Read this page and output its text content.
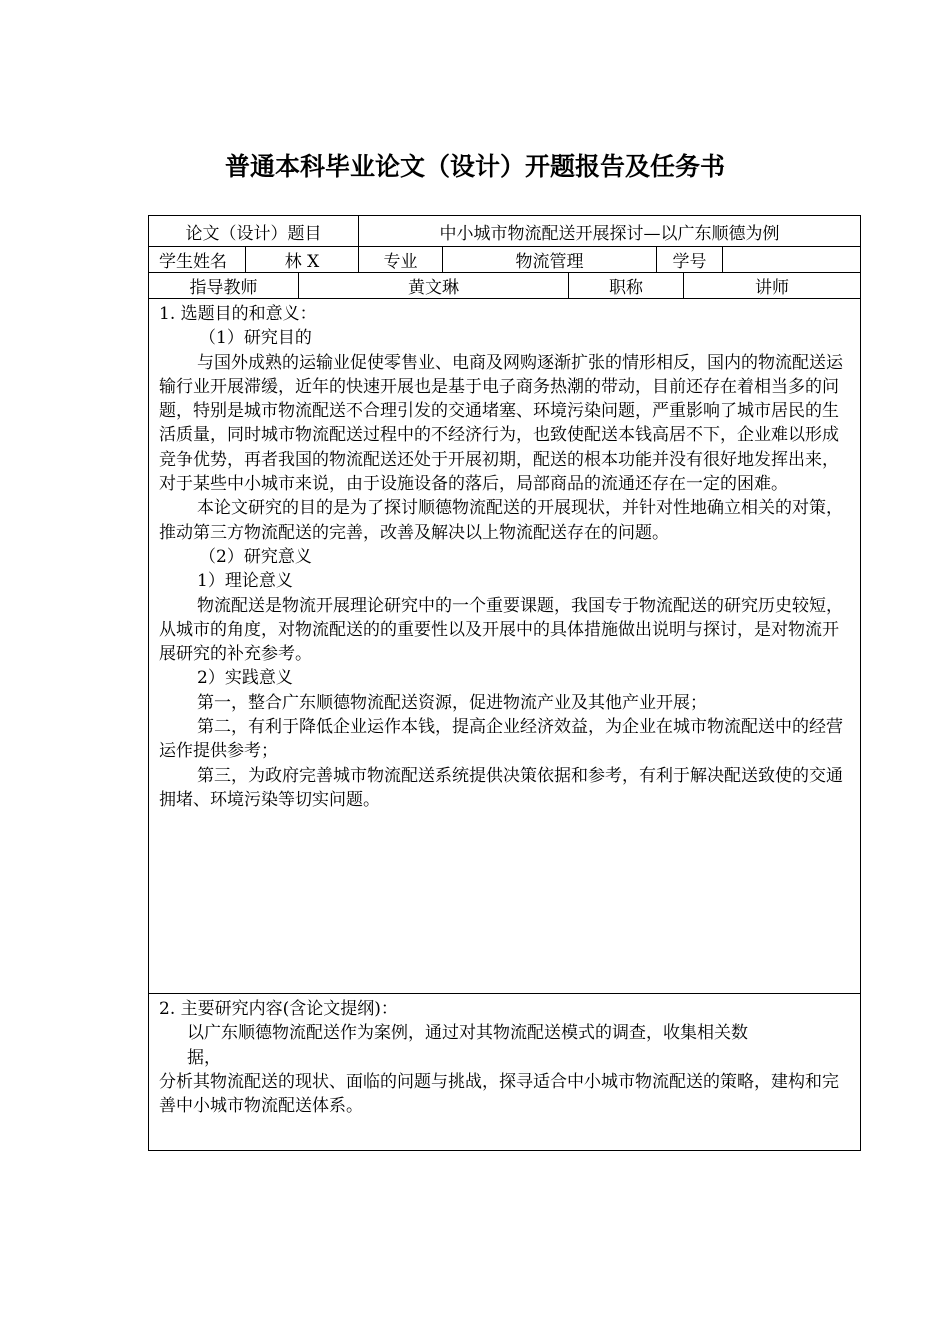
普通本科毕业论文（设计）开题报告及任务书
论文（设计）题目	中小城市物流配送开展探讨—以广东顺德为例
学生姓名	林 X	专业	物流管理	学号
指导教师	黄文琳	职称	讲师

1. 选题目的和意义：

（1）研究目的

与国外成熟的运输业促使零售业、电商及网购逐渐扩张的情形相反，国内的物流配送运输行业开展滞缓，近年的快速开展也是基于电子商务热潮的带动，目前还存在着相当多的问题，特别是城市物流配送不合理引发的交通堵塞、环境污染问题，严重影响了城市居民的生活质量，同时城市物流配送过程中的不经济行为，也致使配送本钱高居不下，企业难以形成竞争优势，再者我国的物流配送还处于开展初期，配送的根本功能并没有很好地发挥出来，对于某些中小城市来说，由于设施设备的落后，局部商品的流通还存在一定的困难。

本论文研究的目的是为了探讨顺德物流配送的开展现状，并针对性地确立相关的对策，推动第三方物流配送的完善，改善及解决以上物流配送存在的问题。

（2）研究意义

1）理论意义

物流配送是物流开展理论研究中的一个重要课题，我国专于物流配送的研究历史较短，从城市的角度，对物流配送的的重要性以及开展中的具体措施做出说明与探讨，是对物流开展研究的补充参考。

2）实践意义

第一，整合广东顺德物流配送资源，促进物流产业及其他产业开展；

第二，有利于降低企业运作本钱，提高企业经济效益，为企业在城市物流配送中的经营运作提供参考；

第三，为政府完善城市物流配送系统提供决策依据和参考，有利于解决配送致使的交通拥堵、环境污染等切实问题。

2. 主要研究内容(含论文提纲)：

以广东顺德物流配送作为案例，通过对其物流配送模式的调查，收集相关数

据，

分析其物流配送的现状、面临的问题与挑战，探寻适合中小城市物流配送的策略，建构和完善中小城市物流配送体系。
